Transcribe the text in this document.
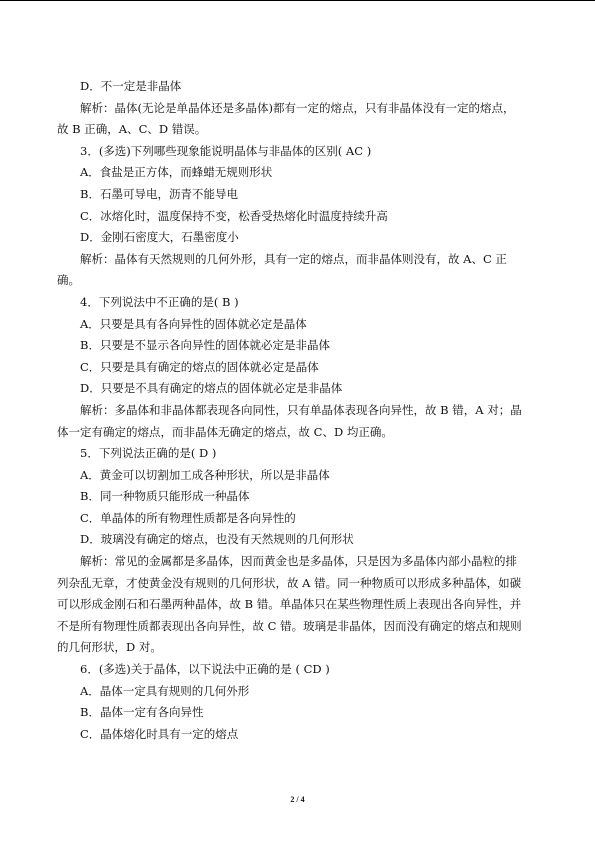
D．不一定是非晶体
解析：晶体(无论是单晶体还是多晶体)都有一定的熔点，只有非晶体没有一定的熔点，
故 B 正确，A、C、D 错误。
3．(多选)下列哪些现象能说明晶体与非晶体的区别( AC )
A．食盐是正方体，而蜂蜡无规则形状
B．石墨可导电，沥青不能导电
C．冰熔化时，温度保持不变，松香受热熔化时温度持续升高
D．金刚石密度大，石墨密度小
解析：晶体有天然规则的几何外形，具有一定的熔点，而非晶体则没有，故 A、C 正
确。
4．下列说法中不正确的是( B )
A．只要是具有各向异性的固体就必定是晶体
B．只要是不显示各向异性的固体就必定是非晶体
C．只要是具有确定的熔点的固体就必定是晶体
D．只要是不具有确定的熔点的固体就必定是非晶体
解析：多晶体和非晶体都表现各向同性，只有单晶体表现各向异性，故 B 错，A 对；晶
体一定有确定的熔点，而非晶体无确定的熔点，故 C、D 均正确。
5．下列说法正确的是( D )
A．黄金可以切割加工成各种形状，所以是非晶体
B．同一种物质只能形成一种晶体
C．单晶体的所有物理性质都是各向异性的
D．玻璃没有确定的熔点，也没有天然规则的几何形状
解析：常见的金属都是多晶体，因而黄金也是多晶体，只是因为多晶体内部小晶粒的排
列杂乱无章，才使黄金没有规则的几何形状，故 A 错。同一种物质可以形成多种晶体，如碳
可以形成金刚石和石墨两种晶体，故 B 错。单晶体只在某些物理性质上表现出各向异性，并
不是所有物理性质都表现出各向异性，故 C 错。玻璃是非晶体，因而没有确定的熔点和规则
的几何形状，D 对。
6．(多选)关于晶体，以下说法中正确的是 ( CD )
A．晶体一定具有规则的几何外形
B．晶体一定有各向异性
C．晶体熔化时具有一定的熔点
2 / 4
